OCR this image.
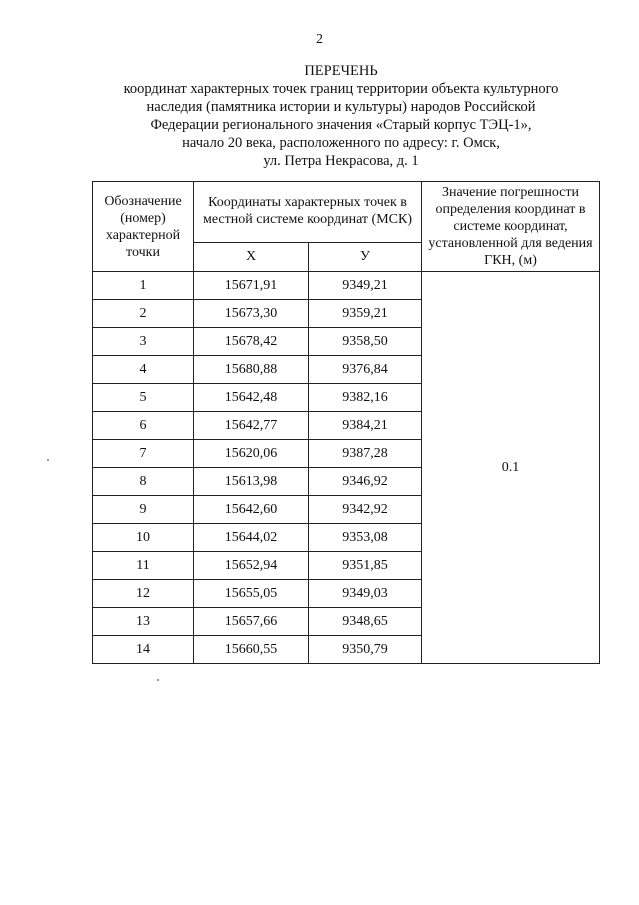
2
ПЕРЕЧЕНЬ
координат характерных точек границ территории объекта культурного
наследия (памятника истории и культуры) народов Российской
Федерации регионального значения «Старый корпус ТЭЦ-1»,
начало 20 века, расположенного по адресу: г. Омск,
ул. Петра Некрасова, д. 1
Обозначение (номер) характерной точки	Координаты характерных точек в местной системе координат (МСК)		Значение погрешности определения координат в системе координат, установленной для ведения ГКН, (м)
	X	У	
1	15671,91	9349,21	0.1
2	15673,30	9359,21	
3	15678,42	9358,50	
4	15680,88	9376,84	
5	15642,48	9382,16	
6	15642,77	9384,21	
7	15620,06	9387,28	
8	15613,98	9346,92	
9	15642,60	9342,92	
10	15644,02	9353,08	
11	15652,94	9351,85	
12	15655,05	9349,03	
13	15657,66	9348,65	
14	15660,55	9350,79	
